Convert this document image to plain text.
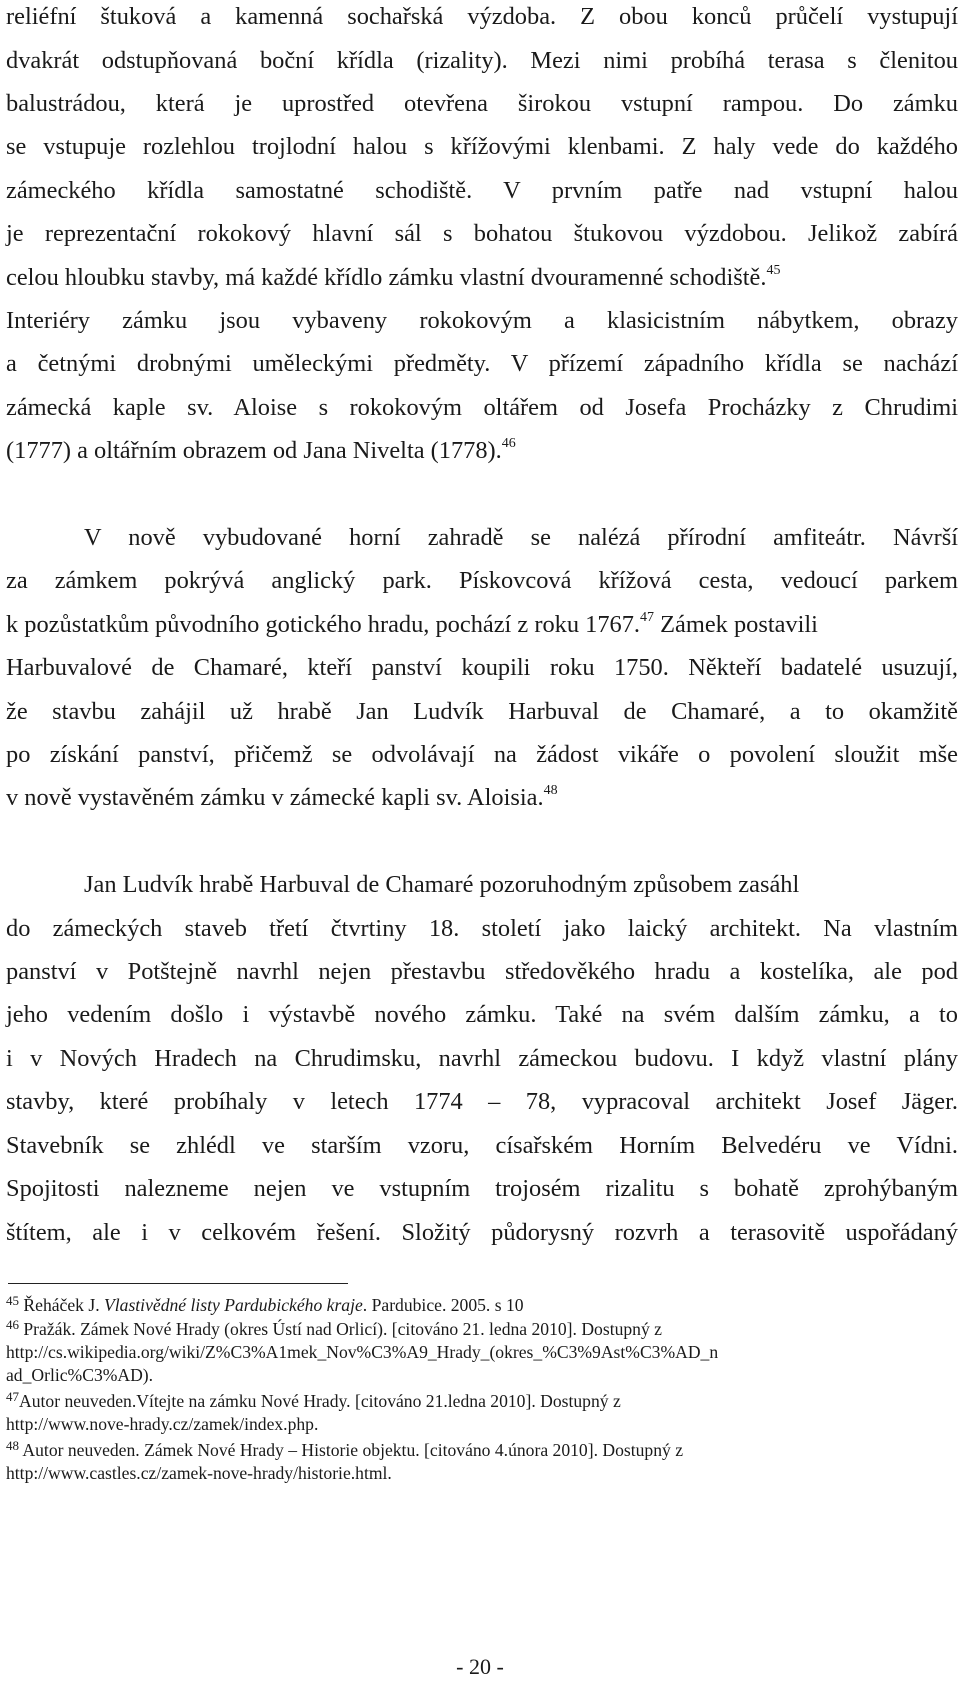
reliéfní štuková a kamenná sochařská výzdoba. Z obou konců průčelí vystupují
dvakrát odstupňovaná boční křídla (rizality). Mezi nimi probíhá terasa s členitou
balustrádou, která je uprostřed otevřena širokou vstupní rampou. Do zámku
se vstupuje rozlehlou trojlodní halou s křížovými klenbami. Z haly vede do každého
zámeckého křídla samostatné schodiště. V prvním patře nad vstupní halou
je reprezentační rokokový hlavní sál s bohatou štukovou výzdobou. Jelikož zabírá
celou hloubku stavby, má každé křídlo zámku vlastní dvouramenné schodiště.$^{45}$
Interiéry zámku jsou vybaveny rokokovým a klasicistním nábytkem, obrazy
a četnými drobnými uměleckými předměty. V přízemí západního křídla se nachází
zámecká kaple sv. Aloise s rokokovým oltářem od Josefa Procházky z Chrudimi
(1777) a oltářním obrazem od Jana Nivelta (1778).$^{46}$
V nově vybudované horní zahradě se nalézá přírodní amfiteátr. Návrší
za zámkem pokrývá anglický park. Pískovcová křížová cesta, vedoucí parkem
k pozůstatkům původního gotického hradu, pochází z roku 1767.47 Zámek postavili
Harbuvalové de Chamaré, kteří panství koupili roku 1750. Někteří badatelé usuzují,
že stavbu zahájil už hrabě Jan Ludvík Harbuval de Chamaré, a to okamžitě
po získání panství, přičemž se odvolávají na žádost vikáře o povolení sloužit mše
v nově vystavěném zámku v zámecké kapli sv. Aloisia.$^{48}$
Jan Ludvík hrabě Harbuval de Chamaré pozoruhodným způsobem zasáhl
do zámeckých staveb třetí čtvrtiny 18. století jako laický architekt. Na vlastním
panství v Potštejně navrhl nejen přestavbu středověkého hradu a kostelíka, ale pod
jeho vedením došlo i výstavbě nového zámku. Také na svém dalším zámku, a to
i v Nových Hradech na Chrudimsku, navrhl zámeckou budovu. I když vlastní plány
stavby, které probíhaly v letech 1774 – 78, vypracoval architekt Josef Jäger.
Stavebník se zhlédl ve starším vzoru, císařském Horním Belvedéru ve Vídni.
Spojitosti nalezneme nejen ve vstupním trojosém rizalitu s bohatě zprohýbaným
štítem, ale i v celkovém řešení. Složitý půdorysný rozvrh a terasovitě uspořádaný
$^{45}$ Řeháček J. Vlastivědné listy Pardubického kraje. Pardubice. 2005. s 10
$^{46}$ Pražák. Zámek Nové Hrady (okres Ústí nad Orlicí). [citováno 21. ledna 2010]. Dostupný z
http://cs.wikipedia.org/wiki/Z%C3%A1mek_Nov%C3%A9_Hrady_(okres_%C3%9Ast%C3%AD_n
ad_Orlic%C3%AD).
$^{47}$Autor neuveden.Vítejte na zámku Nové Hrady. [citováno 21.ledna 2010]. Dostupný z
http://www.nove-hrady.cz/zamek/index.php.
$^{48}$ Autor neuveden. Zámek Nové Hrady – Historie objektu. [citováno 4.února 2010]. Dostupný z
http://www.castles.cz/zamek-nove-hrady/historie.html.
- 20 -
